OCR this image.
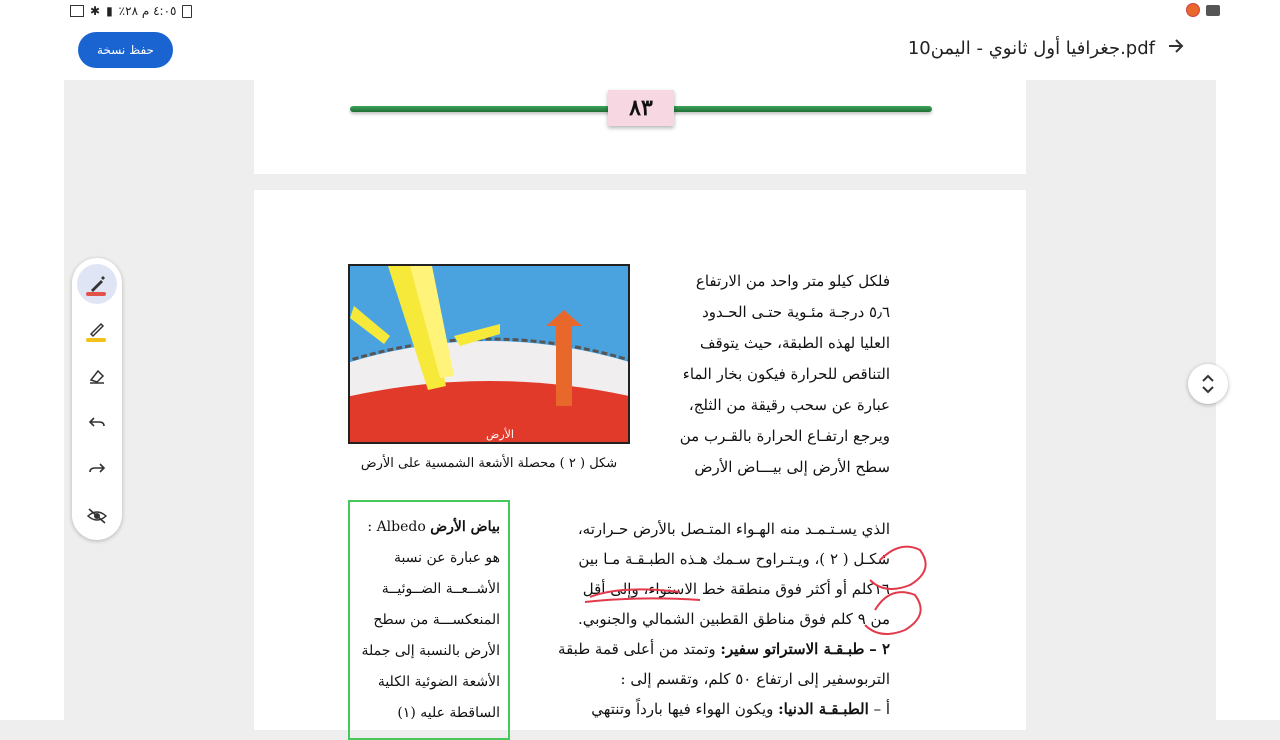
٤:٠٥ م ٢٨٪
▮
✱
حفظ نسخة	10جغرافيا أول ثانوي - اليمن.pdf
٨٣
الأرض
شكل ( ٢ ) محصلة الأشعة الشمسية على الأرض
فلكل كيلو متر واحد من الارتفاع
٥٫٦ درجـة مئـوية حتـى الحـدود
العليا لهذه الطبقة، حيث يتوقف
التناقص للحرارة فيكون بخار الماء
عبارة عن سحب رقيقة من الثلج،
ويرجع ارتفـاع الحرارة بالقـرب من
سطح الأرض إلى بيـــاض الأرض
الذي يسـتـمـد منه الهـواء المتـصل بالأرض حـرارته،
شكـل ( ٢ )، ويـتـراوح سـمك هـذه الطبـقـة مـا بين
١٦كلم أو أكثر فوق منطقة خط الاستواء، وإلى أقل
من ٩ كلم فوق مناطق القطبين الشمالي والجنوبي.
٢ – طبـقـة الاستراتو سفير: وتمتد من أعلى قمة طبقة
التربوسفير إلى ارتفاع ٥٠ كلم، وتقسم إلى :
أ – الطبـقـة الدنيا: ويكون الهواء فيها بارداً وتنتهي
بياض الأرض Albedo :
هو عبارة عن نسبة
الأشــعــة الضــوئيــة
المنعكســـة من سطح
الأرض بالنسبة إلى جملة
الأشعة الضوئية الكلية
الساقطة عليه (١)
